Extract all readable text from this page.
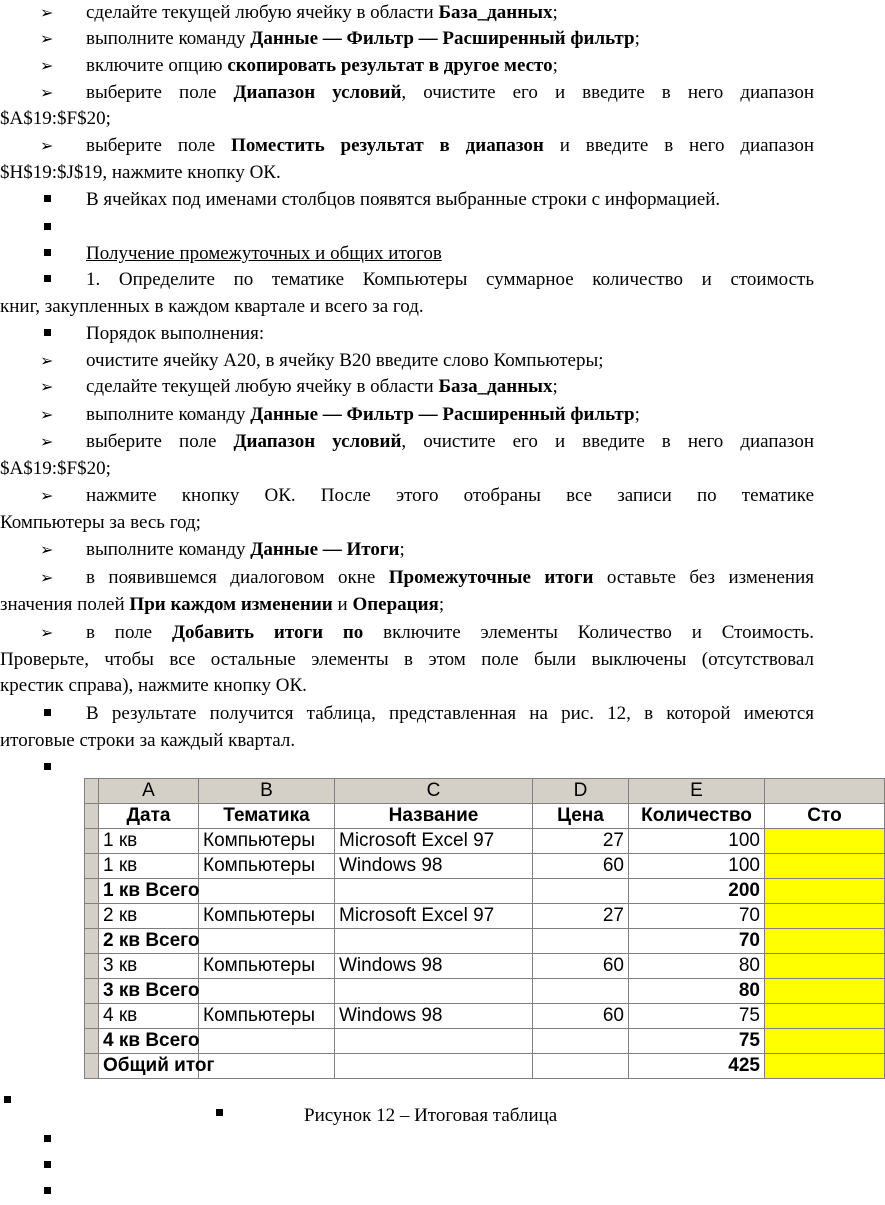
➢ сделайте текущей любую ячейку в области База_данных;
➢ выполните команду Данные — Фильтр — Расширенный фильтр;
➢ включите опцию скопировать результат в другое место;
➢ выберите поле Диапазон условий, очистите его и введите в него диапазон
$A$19:$F$20;
➢ выберите поле Поместить результат в диапазон и введите в него диапазон
$H$19:$J$19, нажмите кнопку ОК.
В ячейках под именами столбцов появятся выбранные строки с информацией.
Получение промежуточных и общих итогов
1. Определите по тематике Компьютеры суммарное количество и стоимость
книг, закупленных в каждом квартале и всего за год.
Порядок выполнения:
➢ очистите ячейку A20, в ячейку B20 введите слово Компьютеры;
➢ сделайте текущей любую ячейку в области База_данных;
➢ выполните команду Данные — Фильтр — Расширенный фильтр;
➢ выберите поле Диапазон условий, очистите его и введите в него диапазон
$A$19:$F$20;
➢ нажмите кнопку ОК. После этого отобраны все записи по тематике
Компьютеры за весь год;
➢ выполните команду Данные — Итоги;
➢ в появившемся диалоговом окне Промежуточные итоги оставьте без изменения
значения полей При каждом изменении и Операция;
➢ в поле Добавить итоги по включите элементы Количество и Стоимость.
Проверьте, чтобы все остальные элементы в этом поле были выключены (отсутствовал
крестик справа), нажмите кнопку ОК.
В результате получится таблица, представленная на рис. 12, в которой имеются
итоговые строки за каждый квартал.
	A	B	C	D	E	
	Дата	Тематика	Название	Цена	Количество	Сто
	1 кв	Компьютеры	Microsoft Excel 97	27	100	
	1 кв	Компьютеры	Windows 98	60	100	
	1 кв Всего				200	
	2 кв	Компьютеры	Microsoft Excel 97	27	70	
	2 кв Всего				70	
	3 кв	Компьютеры	Windows 98	60	80	
	3 кв Всего				80	
	4 кв	Компьютеры	Windows 98	60	75	
	4 кв Всего				75	
	Общий итог				425	
Рисунок 12 – Итоговая таблица
